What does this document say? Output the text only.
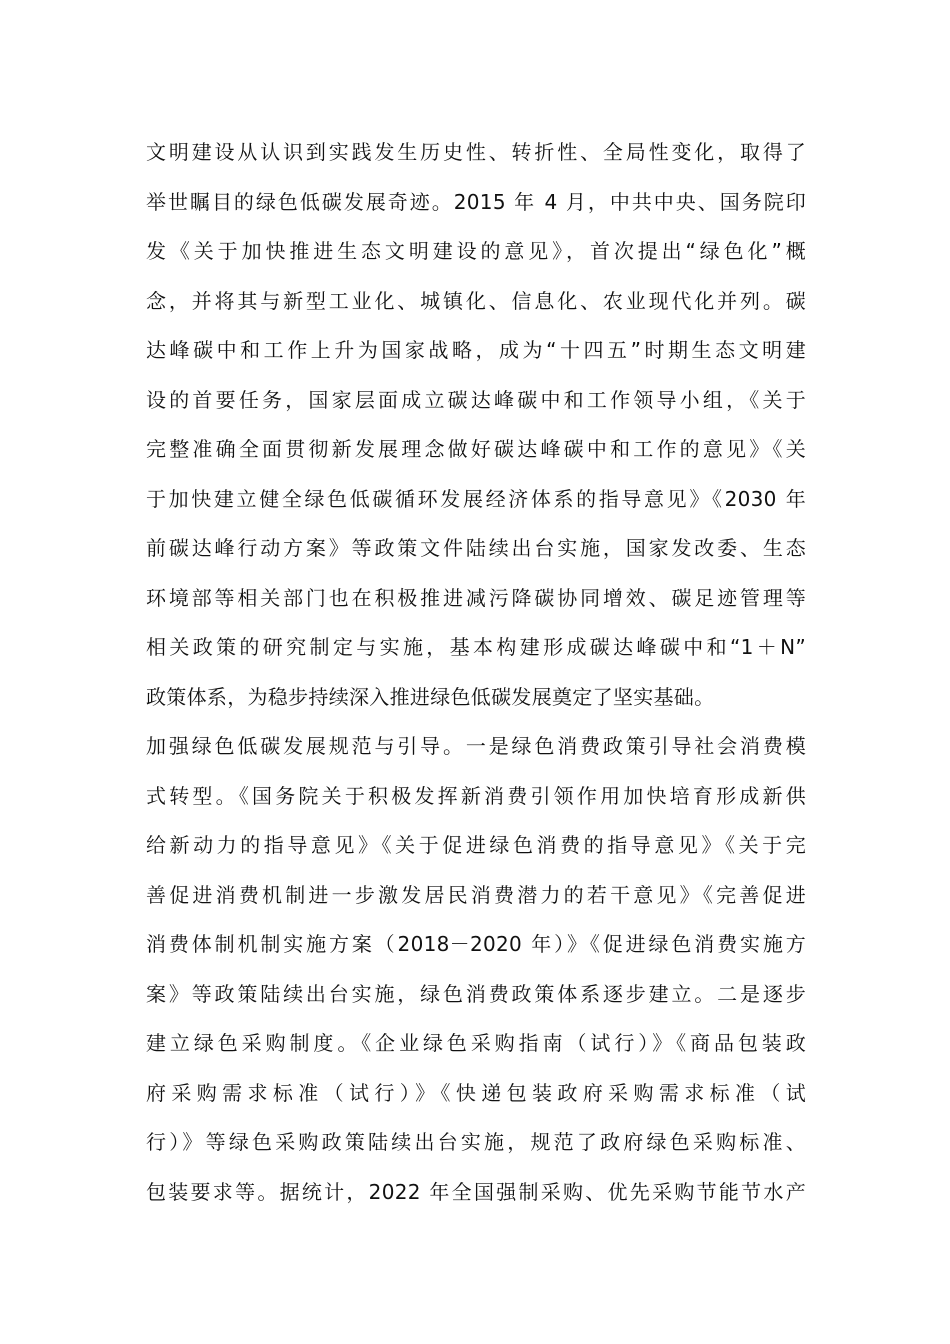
文明建设从认识到实践发生历史性、转折性、全局性变化，取得了
举世瞩目的绿色低碳发展奇迹。2015 年 4 月，中共中央、国务院印
发《关于加快推进生态文明建设的意见》，首次提出“绿色化”概
念，并将其与新型工业化、城镇化、信息化、农业现代化并列。碳
达峰碳中和工作上升为国家战略，成为“十四五”时期生态文明建
设的首要任务，国家层面成立碳达峰碳中和工作领导小组，《关于
完整准确全面贯彻新发展理念做好碳达峰碳中和工作的意见》《关
于加快建立健全绿色低碳循环发展经济体系的指导意见》《2030 年
前碳达峰行动方案》等政策文件陆续出台实施，国家发改委、生态
环境部等相关部门也在积极推进减污降碳协同增效、碳足迹管理等
相关政策的研究制定与实施，基本构建形成碳达峰碳中和“1＋N”
政策体系，为稳步持续深入推进绿色低碳发展奠定了坚实基础。
加强绿色低碳发展规范与引导。一是绿色消费政策引导社会消费模
式转型。《国务院关于积极发挥新消费引领作用加快培育形成新供
给新动力的指导意见》《关于促进绿色消费的指导意见》《关于完
善促进消费机制进一步激发居民消费潜力的若干意见》《完善促进
消费体制机制实施方案（2018－2020 年）》《促进绿色消费实施方
案》等政策陆续出台实施，绿色消费政策体系逐步建立。二是逐步
建立绿色采购制度。《企业绿色采购指南（试行）》《商品包装政
府采购需求标准（试行）》《快递包装政府采购需求标准（试
行）》等绿色采购政策陆续出台实施，规范了政府绿色采购标准、
包装要求等。据统计，2022 年全国强制采购、优先采购节能节水产
